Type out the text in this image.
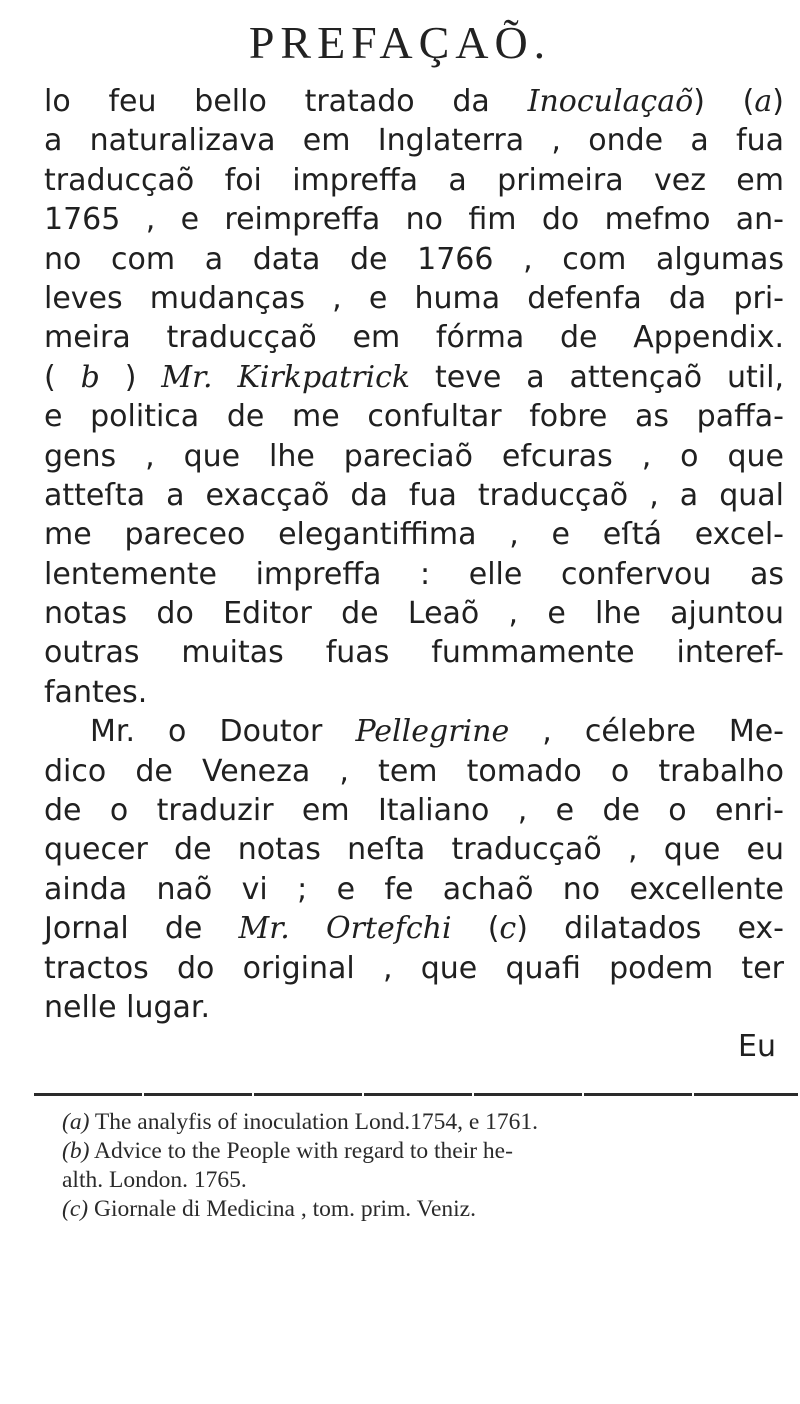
PREFAÇAÕ.
lo feu bello tratado da Inoculaçaõ) (a)
a naturalizava em Inglaterra , onde a fua
traducçaõ foi impreffa a primeira vez em
1765 , e reimpreffa no fim do mefmo an-
no com a data de 1766 , com algumas
leves mudanças , e huma defenfa da pri-
meira traducçaõ em fórma de Appendix.
( b ) Mr. Kirkpatrick teve a attençaõ util,
e politica de me confultar fobre as paffa-
gens , que lhe pareciaõ efcuras , o que
atteſta a exacçaõ da fua traducçaõ , a qual
me pareceo elegantiffima , e eſtá excel-
lentemente impreffa : elle confervou as
notas do Editor de Leaõ , e lhe ajuntou
outras muitas fuas fummamente interef-
fantes.
Mr. o Doutor Pellegrine , célebre Me-
dico de Veneza , tem tomado o trabalho
de o traduzir em Italiano , e de o enri-
quecer de notas neſta traducçaõ , que eu
ainda naõ vi ; e fe achaõ no excellente
Jornal de Mr. Ortefchi (c) dilatados ex-
tractos do original , que quafi podem ter
nelle lugar.
Eu
(a) The analyfis of inoculation Lond.1754, e 1761.
(b) Advice to the People with regard to their he-
alth. London. 1765.
(c) Giornale di Medicina , tom. prim. Veniz.
